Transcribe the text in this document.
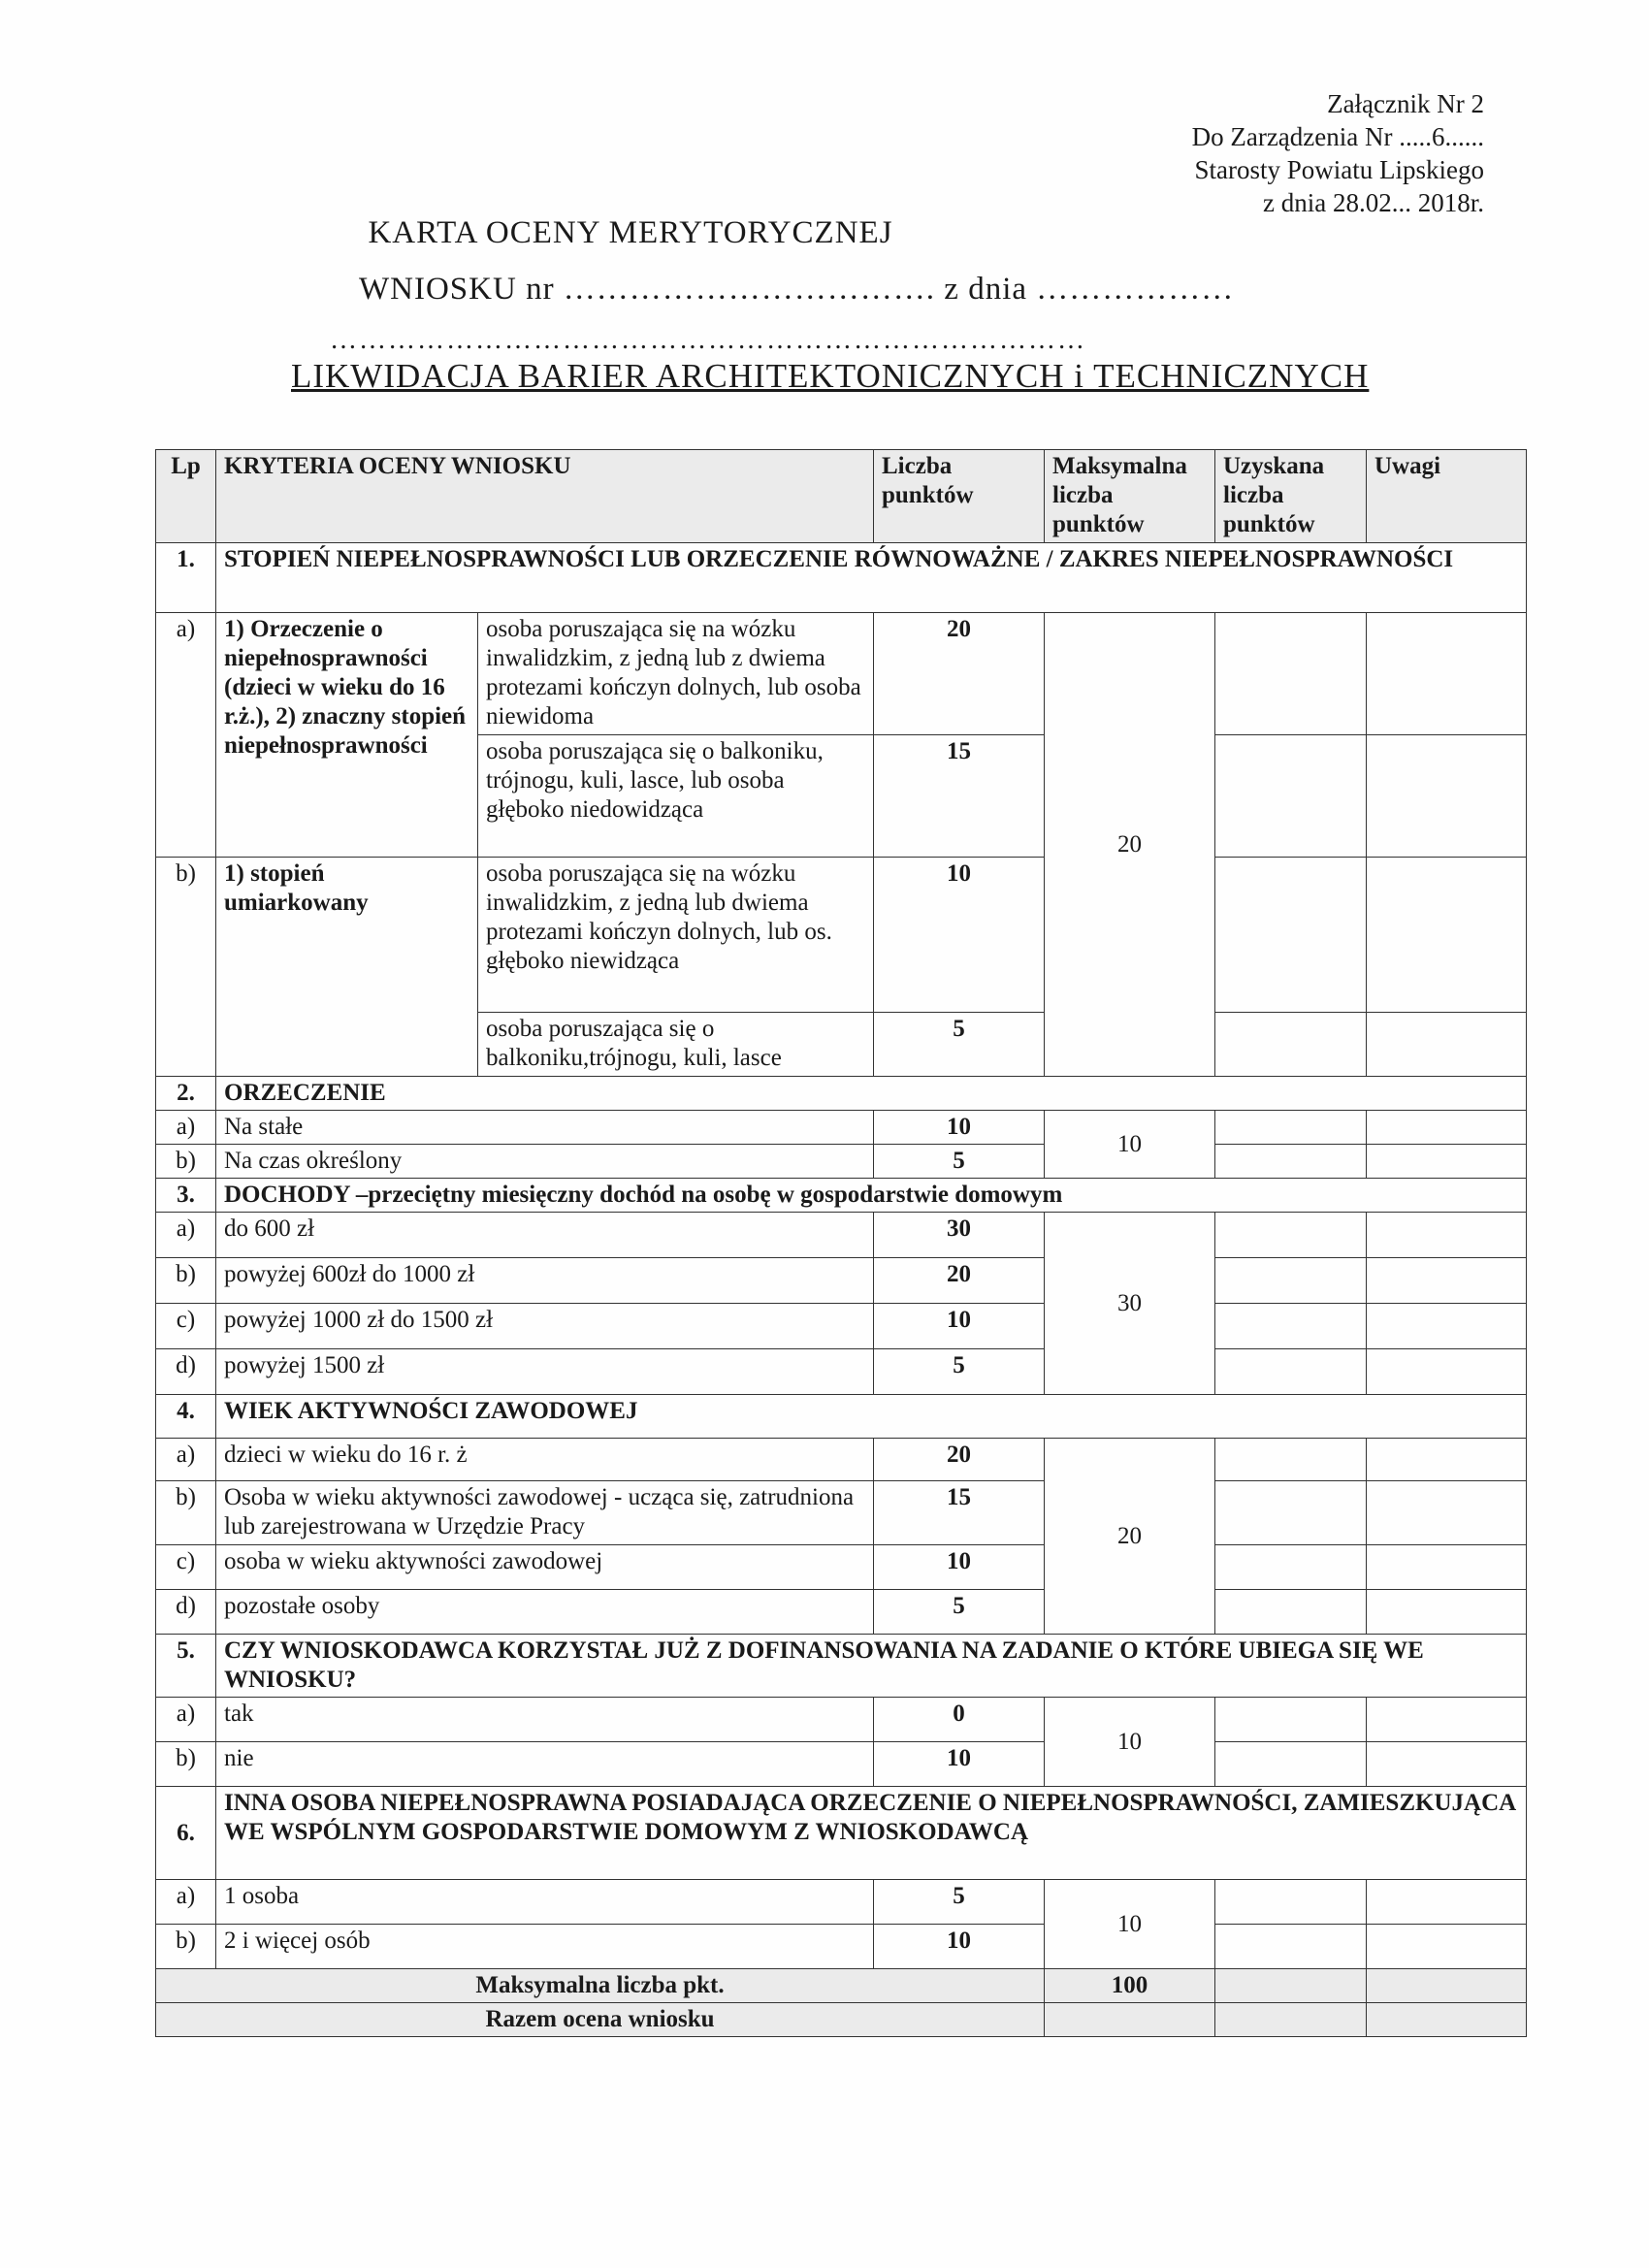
Załącznik Nr 2
Do Zarządzenia Nr .....6......
Starosty Powiatu Lipskiego
z dnia 28.02... 2018r.
KARTA OCENY MERYTORYCZNEJ
WNIOSKU nr ……………………………. z dnia ………………
……………………………………………………………………
LIKWIDACJA BARIER ARCHITEKTONICZNYCH i TECHNICZNYCH
Lp	KRYTERIA OCENY WNIOSKU		Liczba punktów	Maksymalna liczba punktów	Uzyskana liczba punktów	Uwagi
1.	STOPIEŃ NIEPEŁNOSPRAWNOŚCI LUB ORZECZENIE RÓWNOWAŻNE / ZAKRES NIEPEŁNOSPRAWNOŚCI					
a)	1) Orzeczenie o niepełnosprawności (dzieci w wieku do 16 r.ż.), 2) znaczny stopień niepełnosprawności	osoba poruszająca się na wózku inwalidzkim, z jedną lub z dwiema protezami kończyn dolnych, lub osoba niewidoma	20	20		
		osoba poruszająca się o balkoniku, trójnogu, kuli, lasce, lub osoba głęboko niedowidząca	15			
b)	1) stopień umiarkowany	osoba poruszająca się na wózku inwalidzkim, z jedną lub dwiema protezami kończyn dolnych, lub os. głęboko niewidząca	10			
		osoba poruszająca się o balkoniku,trójnogu, kuli, lasce	5			
2.	ORZECZENIE					
a)	Na stałe		10	10		
b)	Na czas określony		5			
3.	DOCHODY –przeciętny miesięczny dochód na osobę w gospodarstwie domowym					
a)	do 600 zł		30	30		
b)	powyżej 600zł do 1000 zł		20			
c)	powyżej 1000 zł do 1500 zł		10			
d)	powyżej 1500 zł		5			
4.	WIEK AKTYWNOŚCI ZAWODOWEJ					
a)	dzieci w wieku do 16 r. ż		20	20		
b)	Osoba w wieku aktywności zawodowej - ucząca się, zatrudniona lub zarejestrowana w Urzędzie Pracy		15			
c)	osoba w wieku aktywności zawodowej		10			
d)	pozostałe osoby		5			
5.	CZY WNIOSKODAWCA KORZYSTAŁ JUŻ Z DOFINANSOWANIA NA ZADANIE O KTÓRE UBIEGA SIĘ WE WNIOSKU?					
a)	tak		0	10		
b)	nie		10			
6.	INNA OSOBA NIEPEŁNOSPRAWNA POSIADAJĄCA ORZECZENIE O NIEPEŁNOSPRAWNOŚCI, ZAMIESZKUJĄCA WE WSPÓLNYM GOSPODARSTWIE DOMOWYM Z WNIOSKODAWCĄ					
a)	1 osoba		5	10		
b)	2 i więcej osób		10			
Maksymalna liczba pkt.				100		
Razem ocena wniosku						
